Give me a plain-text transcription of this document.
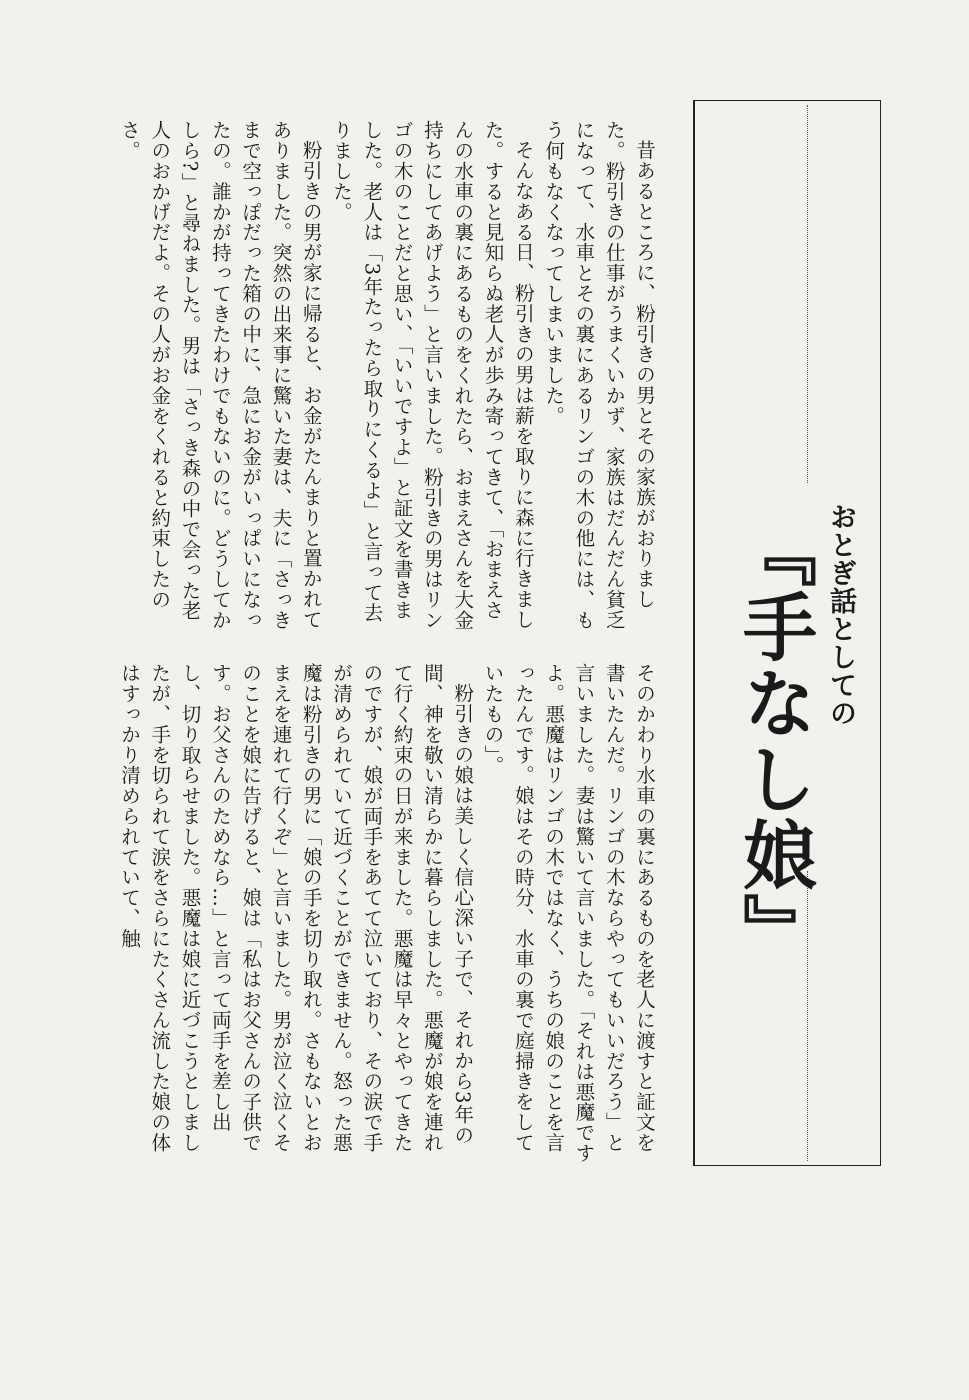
おとぎ話としての
『手なし娘』

昔あるところに、粉引きの男とその家族がおりました。粉引きの仕事がうまくいかず、家族はだんだん貧乏になって、水車とその裏にあるリンゴの木の他には、もう何もなくなってしまいました。

そんなある日、粉引きの男は薪を取りに森に行きました。すると見知らぬ老人が歩み寄ってきて、「おまえさんの水車の裏にあるものをくれたら、おまえさんを大金持ちにしてあげよう」と言いました。粉引きの男はリンゴの木のことだと思い、「いいですよ」と証文を書きました。老人は「3年たったら取りにくるよ」と言って去りました。

粉引きの男が家に帰ると、お金がたんまりと置かれてありました。突然の出来事に驚いた妻は、夫に「さっきまで空っぽだった箱の中に、急にお金がいっぱいになったの。誰かが持ってきたわけでもないのに。どうしてかしら?」と尋ねました。男は「さっき森の中で会った老人のおかげだよ。その人がお金をくれると約束したのさ。

そのかわり水車の裏にあるものを老人に渡すと証文を書いたんだ。リンゴの木ならやってもいいだろう」と言いました。妻は驚いて言いました。「それは悪魔ですよ。悪魔はリンゴの木ではなく、うちの娘のことを言ったんです。娘はその時分、水車の裏で庭掃きをしていたもの」。

粉引きの娘は美しく信心深い子で、それから3年の間、神を敬い清らかに暮らしました。悪魔が娘を連れて行く約束の日が来ました。悪魔は早々とやってきたのですが、娘が両手をあてて泣いており、その涙で手が清められていて近づくことができません。怒った悪魔は粉引きの男に「娘の手を切り取れ。さもないとおまえを連れて行くぞ」と言いました。男が泣く泣くそのことを娘に告げると、娘は「私はお父さんの子供です。お父さんのためなら…」と言って両手を差し出し、切り取らせました。悪魔は娘に近づこうとしましたが、手を切られて涙をさらにたくさん流した娘の体はすっかり清められていて、触
